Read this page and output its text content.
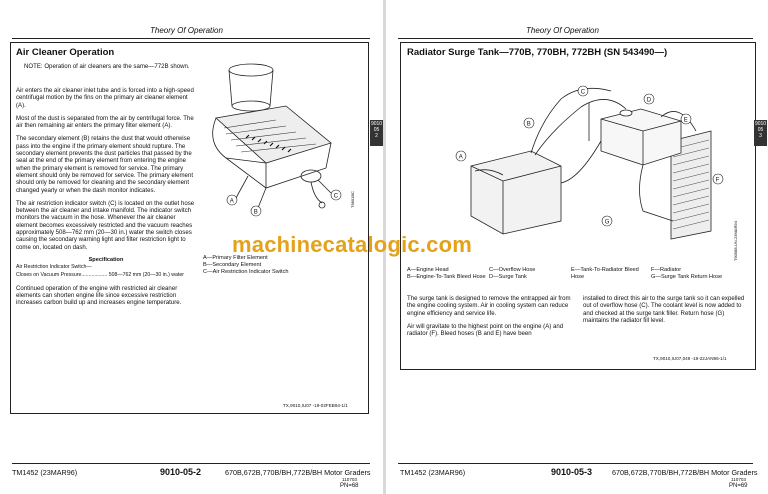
Theory Of Operation
Air Cleaner Operation

NOTE: Operation of air cleaners are the same—772B shown.

Air enters the air cleaner inlet tube and is forced into a high-speed centrifugal motion by the fins on the primary air cleaner element (A).

Most of the dust is separated from the air by centrifugal force. The air then remaining air enters the primary filter element (A).

The secondary element (B) retains the dust that would otherwise pass into the engine if the primary element should rupture. The secondary element prevents the dust particles that passed by the seal at the end of the primary element from entering the engine when the primary element is removed for service. The primary element should only be removed for service. The primary element should only be removed for cleaning and the secondary element changed yearly or when the dash monitor indicates.

The air restriction indicator switch (C) is located on the outlet hose between the air cleaner and intake manifold. The indicator switch monitors the vacuum in the hose. Whenever the air cleaner element becomes excessively restricted and the vacuum reaches approximately 508—762 mm (20—30 in.) water the switch closes causing the secondary warning light and filter restriction light to come on, located on dash.

Specification
Air Restriction Indicator Switch—
Closes on Vacuum Pressure.................. 508—762 mm (20—30 in.) water

Continued operation of the engine with restricted air cleaner elements can shorten engine life since excessive restriction increases carbon build up and increases engine temperature.

A
B
C	T6801BC
A—Primary Filter Element
B—Secondary Element
C—Air Restriction Indicator Switch
TX,9010,IU07 -19-02FEB94-1/1
9010
05
2
TM1452 (23MAR96)	9010-05-2	670B,672B,770B/BH,772B/BH Motor Graders
110703
PN=68
Theory Of Operation
Radiator Surge Tank—770B, 770BH, 772BH (SN 543490—)
A
B
C
D
E
F
G	T90588-UN-23MAR94
A—Engine Head
B—Engine-To-Tank Bleed Hose
C—Overflow Hose
D—Surge Tank
E—Tank-To-Radiator Bleed Hose
F—Radiator
G—Surge Tank Return Hose

The surge tank is designed to remove the entrapped air from the engine cooling system. Air in cooling system can reduce engine efficiency and service life.

Air will gravitate to the highest point on the engine (A) and radiator (F). Bleed hoses (B and E) have been

installed to direct this air to the surge tank so it can expelled out of overflow hose (C). The coolant level is now added to and checked at the surge tank filler. Return hose (G) maintains the radiator fill level.

TX,9010,IU07,049 -19-22JAN96-1/1
9010
05
3
TM1452 (23MAR96)	9010-05-3	670B,672B,770B/BH,772B/BH Motor Graders
110703
PN=69
machinecatalogic.com
